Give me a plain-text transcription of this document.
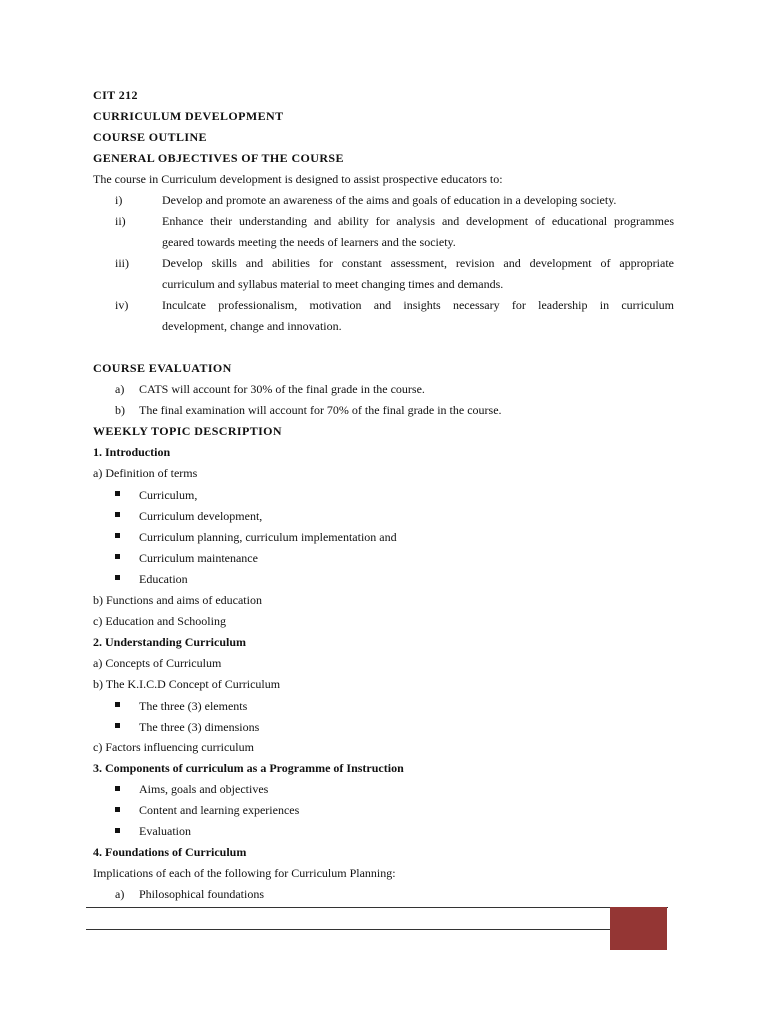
CIT 212
CURRICULUM DEVELOPMENT
COURSE OUTLINE
GENERAL OBJECTIVES OF THE COURSE
The course in Curriculum development is designed to assist prospective educators to:
i)	Develop and promote an awareness of the aims and goals of education in a developing society.
ii)	Enhance their understanding and ability for analysis and development of educational programmes
geared towards meeting the needs of learners and the society.
iii)	Develop skills and abilities for constant assessment, revision and development of appropriate
curriculum and syllabus material to meet changing times and demands.
iv)	Inculcate professionalism, motivation and insights necessary for leadership in curriculum
development, change and innovation.
COURSE EVALUATION
a) CATS will account for 30% of the final grade in the course.
b) The final examination will account for 70% of the final grade in the course.
WEEKLY TOPIC DESCRIPTION
1. Introduction
a) Definition of terms
Curriculum,
Curriculum development,
Curriculum planning, curriculum implementation and
Curriculum maintenance
Education
b) Functions and aims of education
c) Education and Schooling
2. Understanding Curriculum
a) Concepts of Curriculum
b) The K.I.C.D Concept of Curriculum
The three (3) elements
The three (3) dimensions
c) Factors influencing curriculum
3. Components of curriculum as a Programme of Instruction
Aims, goals and objectives
Content and learning experiences
Evaluation
4. Foundations of Curriculum
Implications of each of the following for Curriculum Planning:
a) Philosophical foundations
